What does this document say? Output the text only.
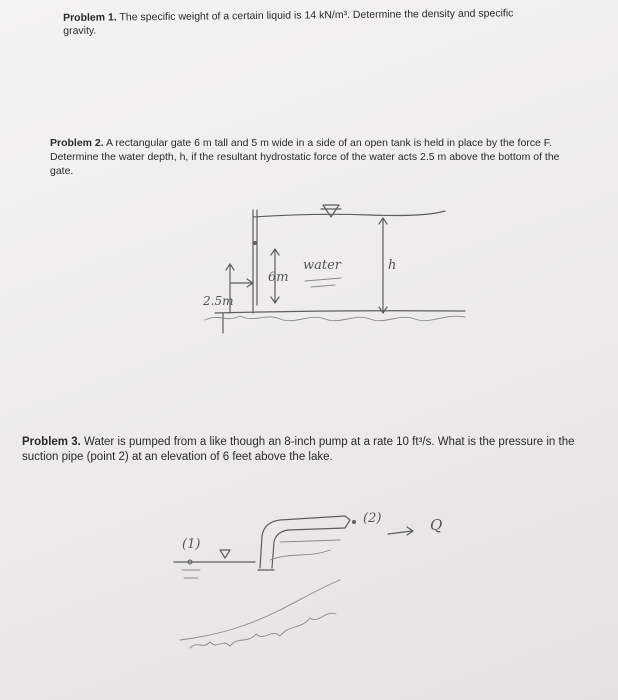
Problem 1. The specific weight of a certain liquid is 14 kN/m³. Determine the density and specific gravity.

Problem 2. A rectangular gate 6 m tall and 5 m wide in a side of an open tank is held in place by the force F. Determine the water depth, h, if the resultant hydrostatic force of the water acts 2.5 m above the bottom of the gate.

6m
water	h
2.5m

Problem 3. Water is pumped from a like though an 8-inch pump at a rate 10 ft³/s. What is the pressure in the suction pipe (point 2) at an elevation of 6 feet above the lake.

(1)
(2)	Q
